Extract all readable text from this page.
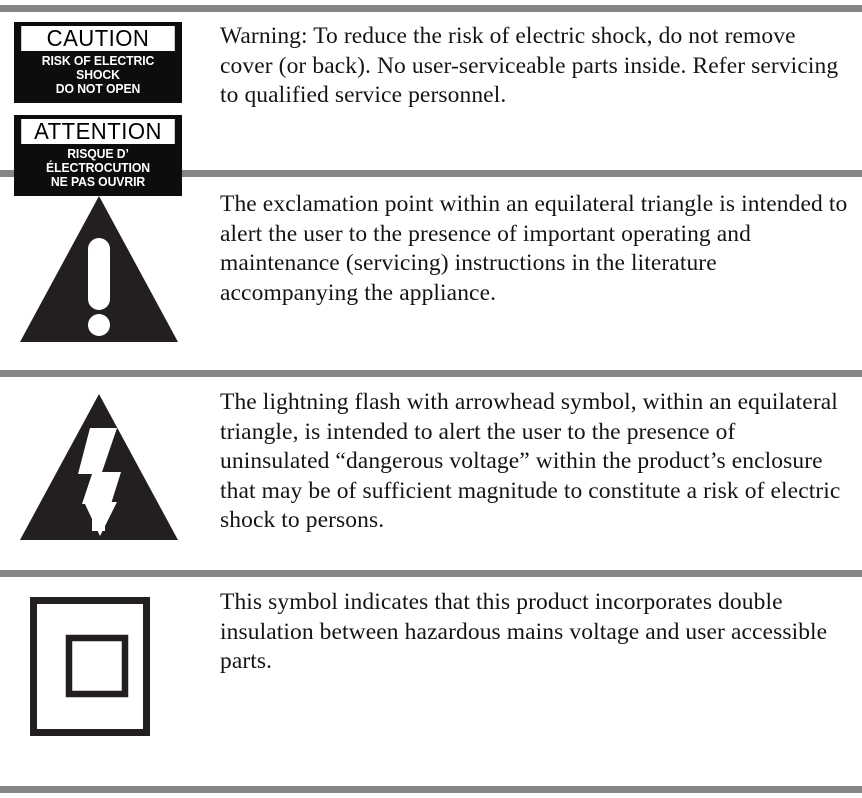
CAUTION
RISK OF ELECTRIC SHOCK
DO NOT OPEN
ATTENTION
RISQUE D’ ÉLECTROCUTION
NE PAS OUVRIR

Warning: To reduce the risk of electric shock, do not remove cover (or back). No user-serviceable parts inside. Refer servicing to qualified service personnel.

The exclamation point within an equilateral triangle is intended to alert the user to the presence of important operating and maintenance (servicing) instructions in the literature accompanying the appliance.

The lightning flash with arrowhead symbol, within an equilateral triangle, is intended to alert the user to the presence of uninsulated “dangerous voltage” within the product’s enclosure that may be of sufficient magnitude to constitute a risk of electric shock to persons.

This symbol indicates that this product incorporates double insulation between hazardous mains voltage and user accessible parts.
